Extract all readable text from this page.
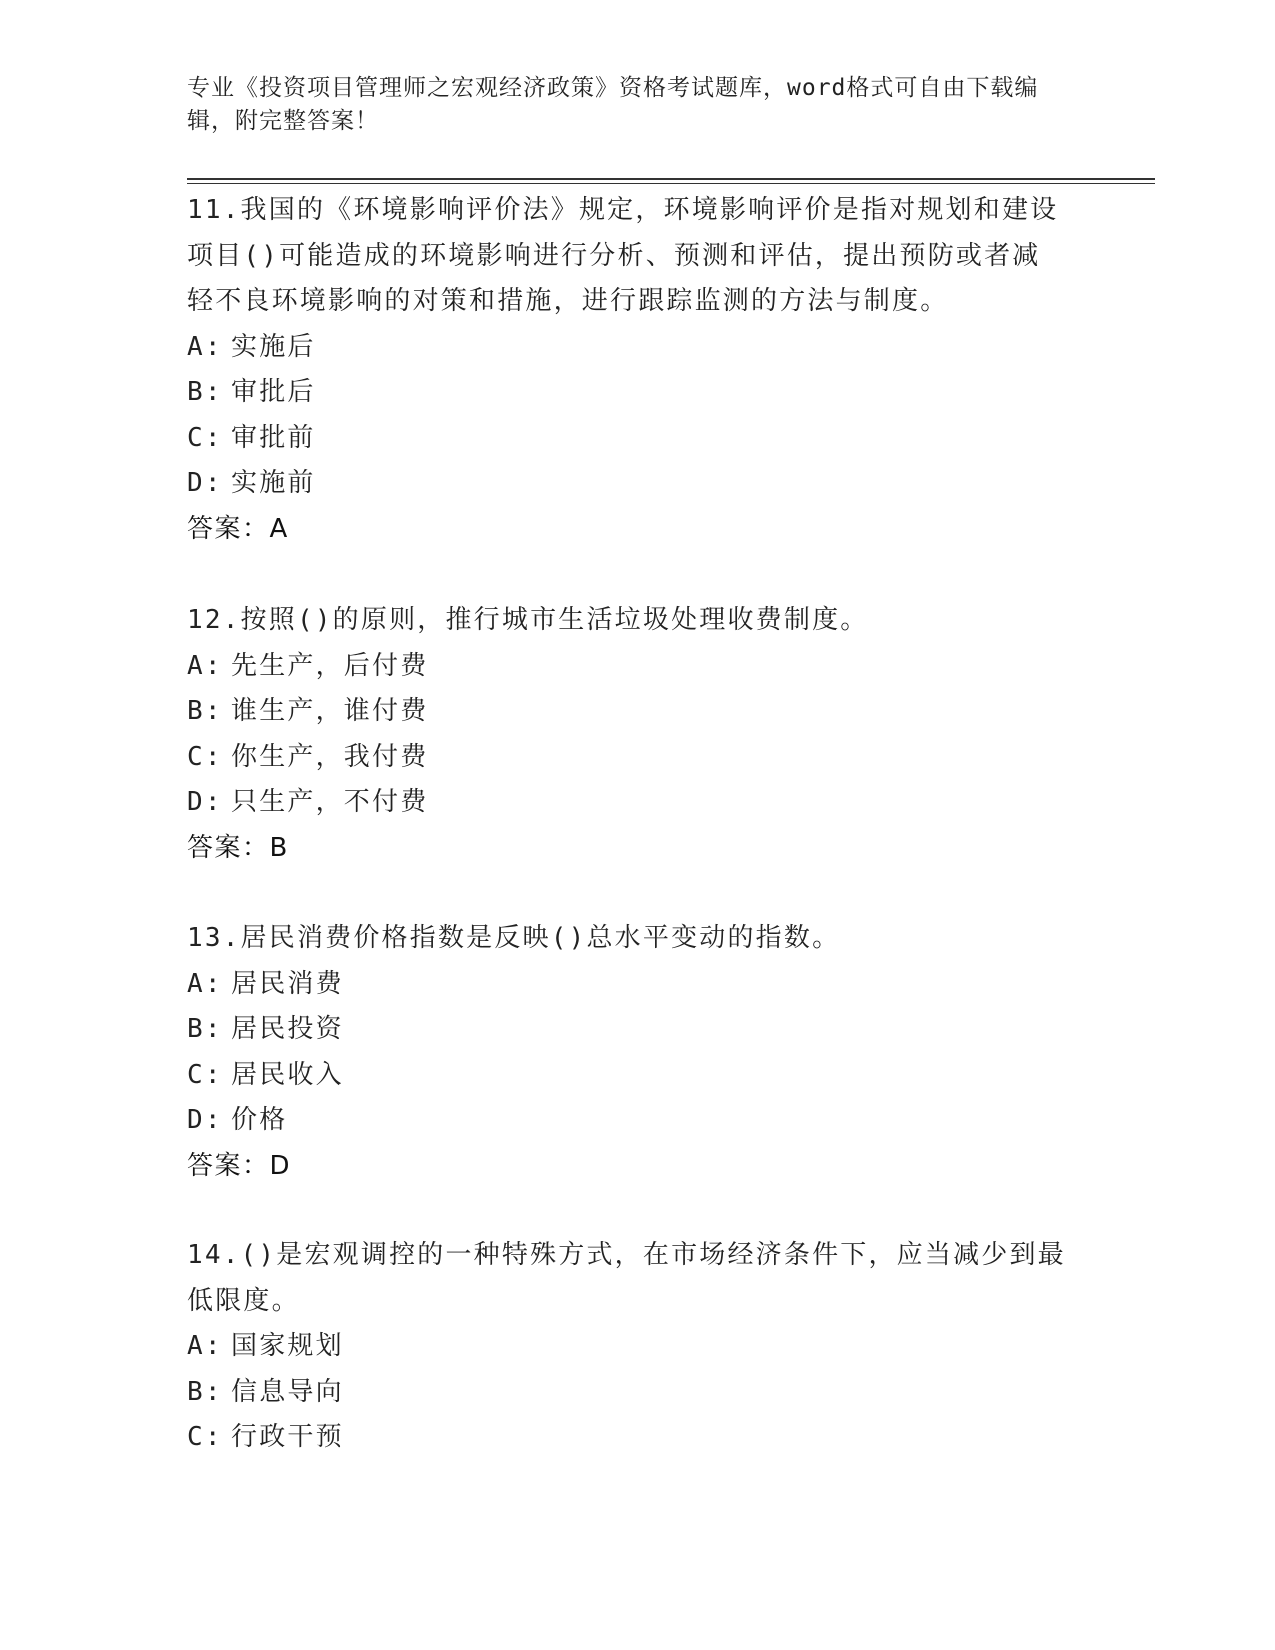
专业《投资项目管理师之宏观经济政策》资格考试题库，word格式可自由下载编
辑，附完整答案！
11.我国的《环境影响评价法》规定，环境影响评价是指对规划和建设
项目()可能造成的环境影响进行分析、预测和评估，提出预防或者减
轻不良环境影响的对策和措施，进行跟踪监测的方法与制度。
A: 实施后
B: 审批后
C: 审批前
D: 实施前
答案：A
12.按照()的原则，推行城市生活垃圾处理收费制度。
A: 先生产，后付费
B: 谁生产，谁付费
C: 你生产，我付费
D: 只生产，不付费
答案：B
13.居民消费价格指数是反映()总水平变动的指数。
A: 居民消费
B: 居民投资
C: 居民收入
D: 价格
答案：D
14.()是宏观调控的一种特殊方式，在市场经济条件下，应当减少到最
低限度。
A: 国家规划
B: 信息导向
C: 行政干预
